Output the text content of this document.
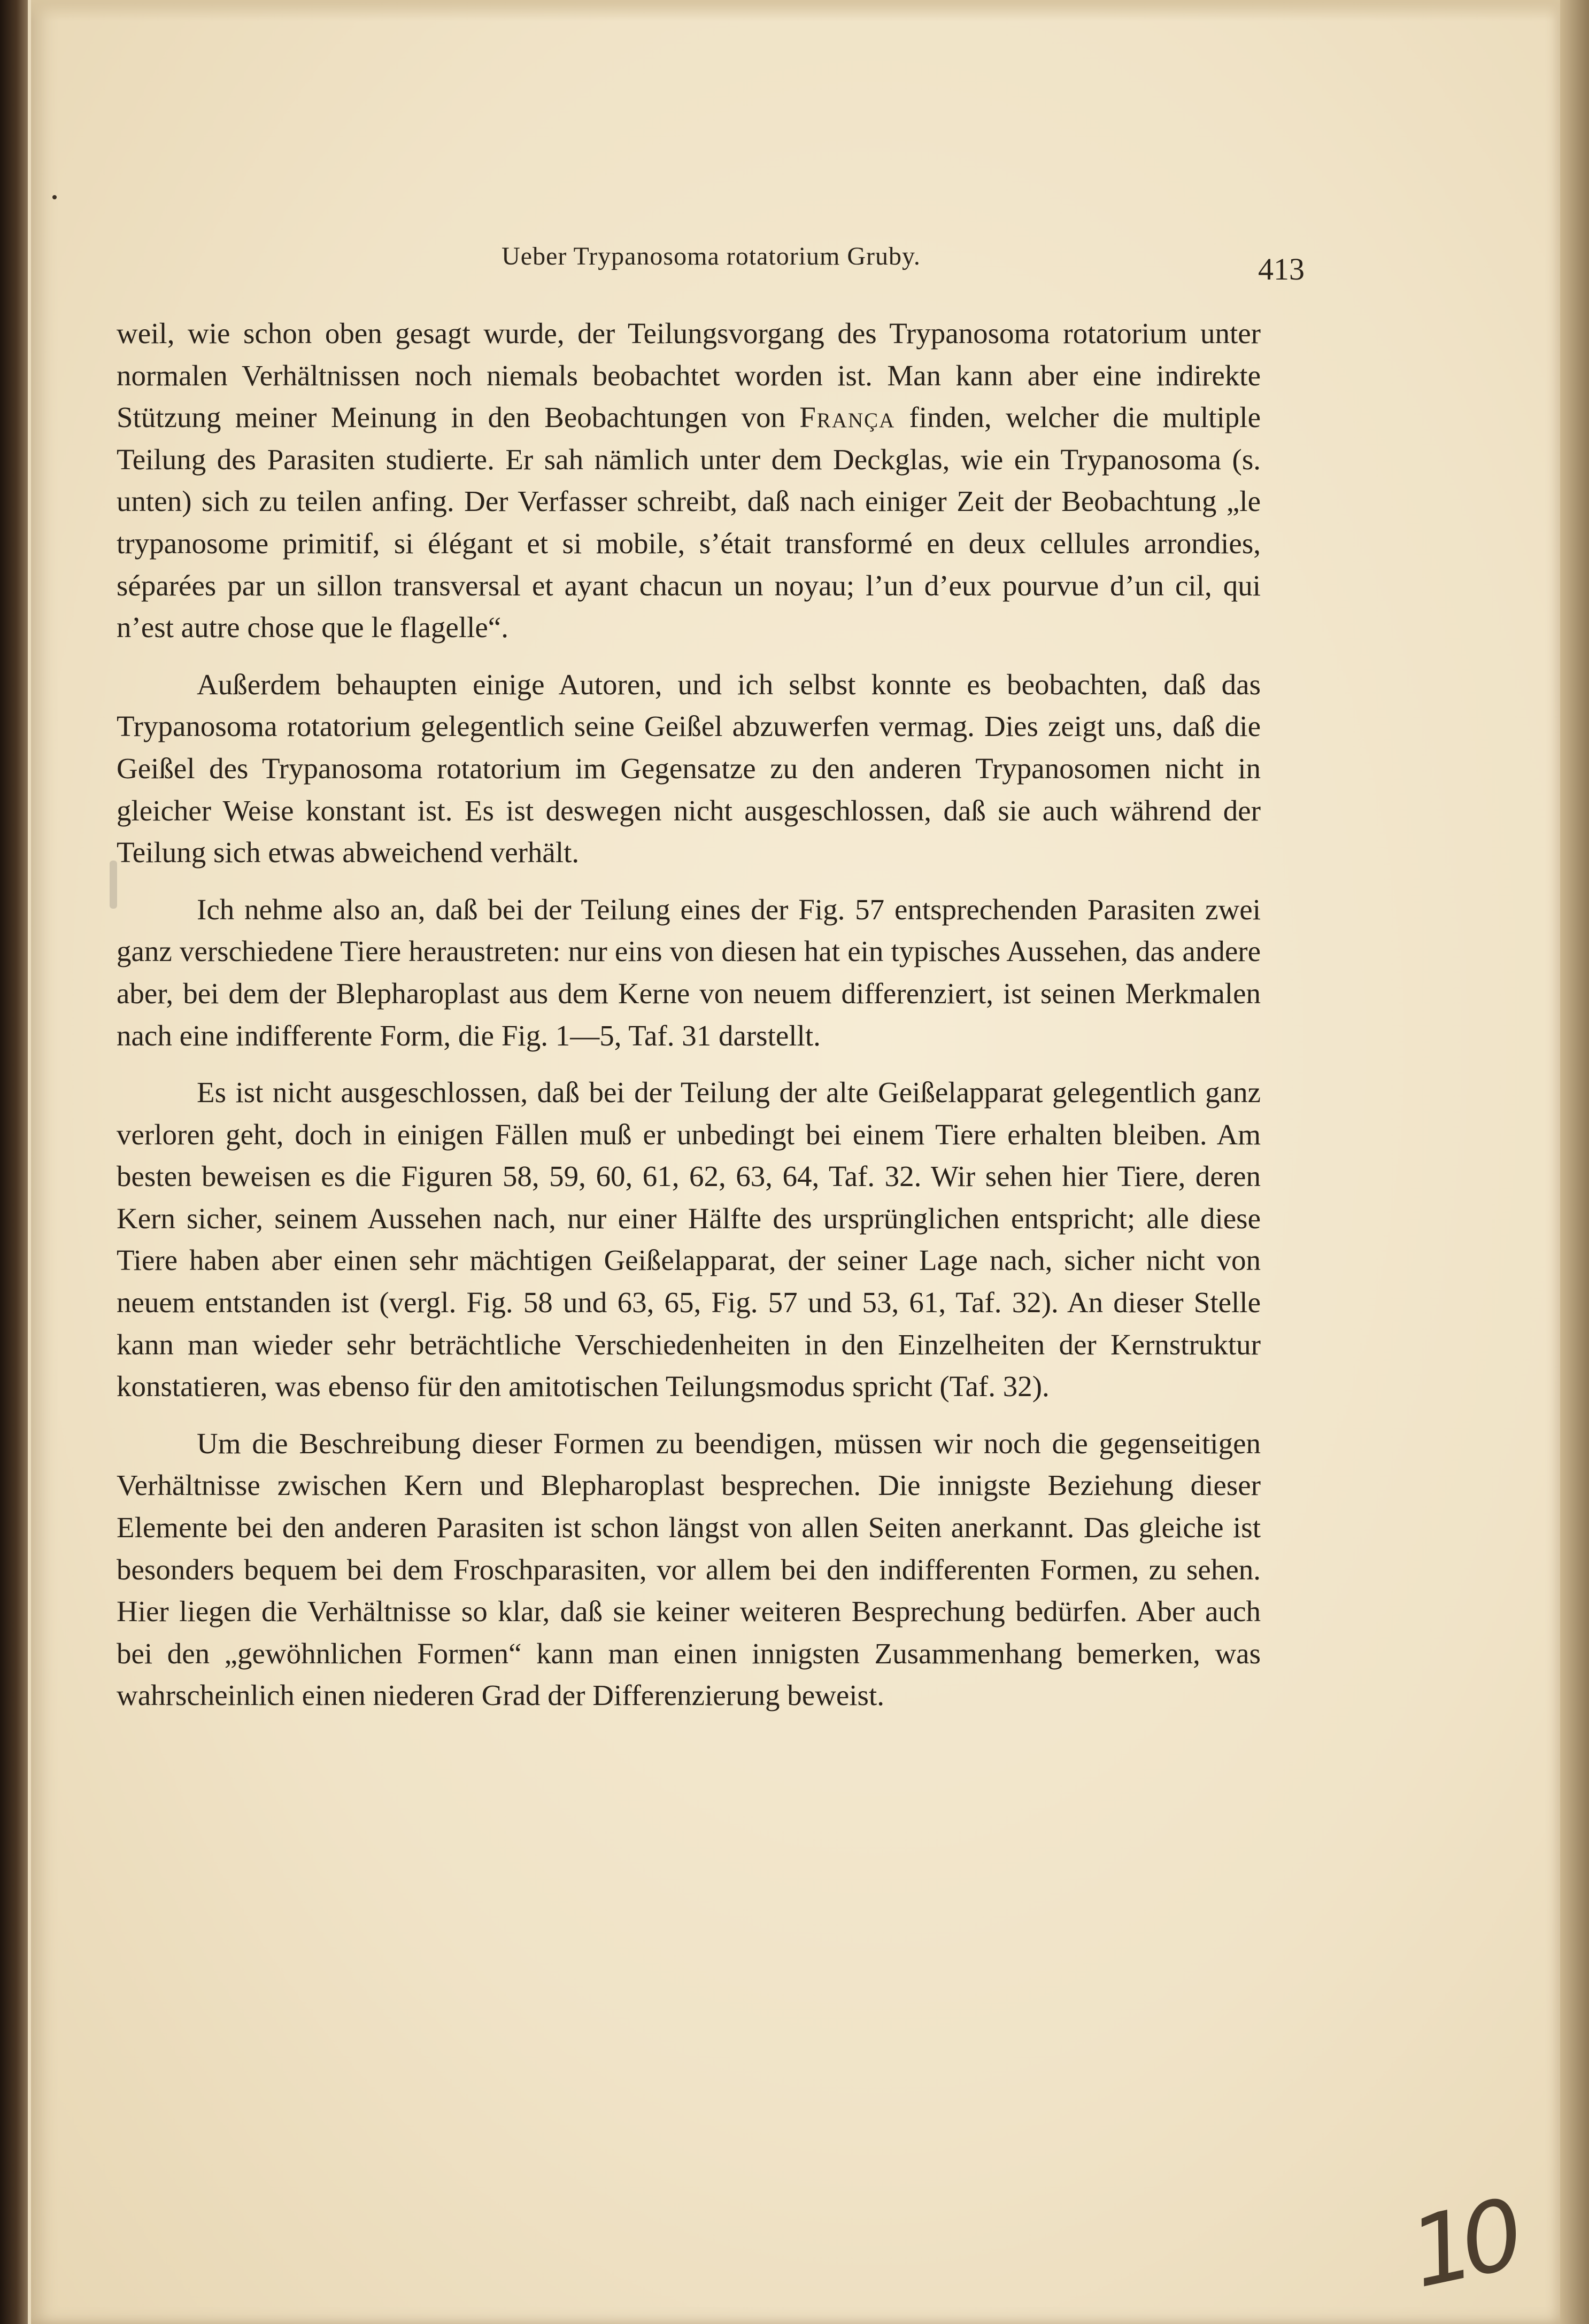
Ueber Trypanosoma rotatorium Gruby.	413

weil, wie schon oben gesagt wurde, der Teilungsvorgang des Trypanosoma rotatorium unter normalen Verhältnissen noch niemals beobachtet worden ist. Man kann aber eine indirekte Stützung meiner Meinung in den Beobachtungen von França finden, welcher die multiple Teilung des Parasiten studierte. Er sah nämlich unter dem Deckglas, wie ein Trypanosoma (s. unten) sich zu teilen anfing. Der Verfasser schreibt, daß nach einiger Zeit der Beobachtung „le trypanosome primitif, si élégant et si mobile, s’était transformé en deux cellules arrondies, séparées par un sillon transversal et ayant chacun un noyau; l’un d’eux pourvue d’un cil, qui n’est autre chose que le flagelle“.

Außerdem behaupten einige Autoren, und ich selbst konnte es beobachten, daß das Trypanosoma rotatorium gelegentlich seine Geißel abzuwerfen vermag. Dies zeigt uns, daß die Geißel des Trypanosoma rotatorium im Gegensatze zu den anderen Trypanosomen nicht in gleicher Weise konstant ist. Es ist deswegen nicht ausgeschlossen, daß sie auch während der Teilung sich etwas abweichend verhält.

Ich nehme also an, daß bei der Teilung eines der Fig. 57 entsprechenden Parasiten zwei ganz verschiedene Tiere heraustreten: nur eins von diesen hat ein typisches Aussehen, das andere aber, bei dem der Blepharoplast aus dem Kerne von neuem differenziert, ist seinen Merkmalen nach eine indifferente Form, die Fig. 1—5, Taf. 31 darstellt.

Es ist nicht ausgeschlossen, daß bei der Teilung der alte Geißelapparat gelegentlich ganz verloren geht, doch in einigen Fällen muß er unbedingt bei einem Tiere erhalten bleiben. Am besten beweisen es die Figuren 58, 59, 60, 61, 62, 63, 64, Taf. 32. Wir sehen hier Tiere, deren Kern sicher, seinem Aussehen nach, nur einer Hälfte des ursprünglichen entspricht; alle diese Tiere haben aber einen sehr mächtigen Geißelapparat, der seiner Lage nach, sicher nicht von neuem entstanden ist (vergl. Fig. 58 und 63, 65, Fig. 57 und 53, 61, Taf. 32). An dieser Stelle kann man wieder sehr beträchtliche Verschiedenheiten in den Einzelheiten der Kernstruktur konstatieren, was ebenso für den amitotischen Teilungsmodus spricht (Taf. 32).

Um die Beschreibung dieser Formen zu beendigen, müssen wir noch die gegenseitigen Verhältnisse zwischen Kern und Blepharoplast besprechen. Die innigste Beziehung dieser Elemente bei den anderen Parasiten ist schon längst von allen Seiten anerkannt. Das gleiche ist besonders bequem bei dem Froschparasiten, vor allem bei den indifferenten Formen, zu sehen. Hier liegen die Verhältnisse so klar, daß sie keiner weiteren Besprechung bedürfen. Aber auch bei den „gewöhnlichen Formen“ kann man einen innigsten Zusammenhang bemerken, was wahrscheinlich einen niederen Grad der Differenzierung beweist.

10
